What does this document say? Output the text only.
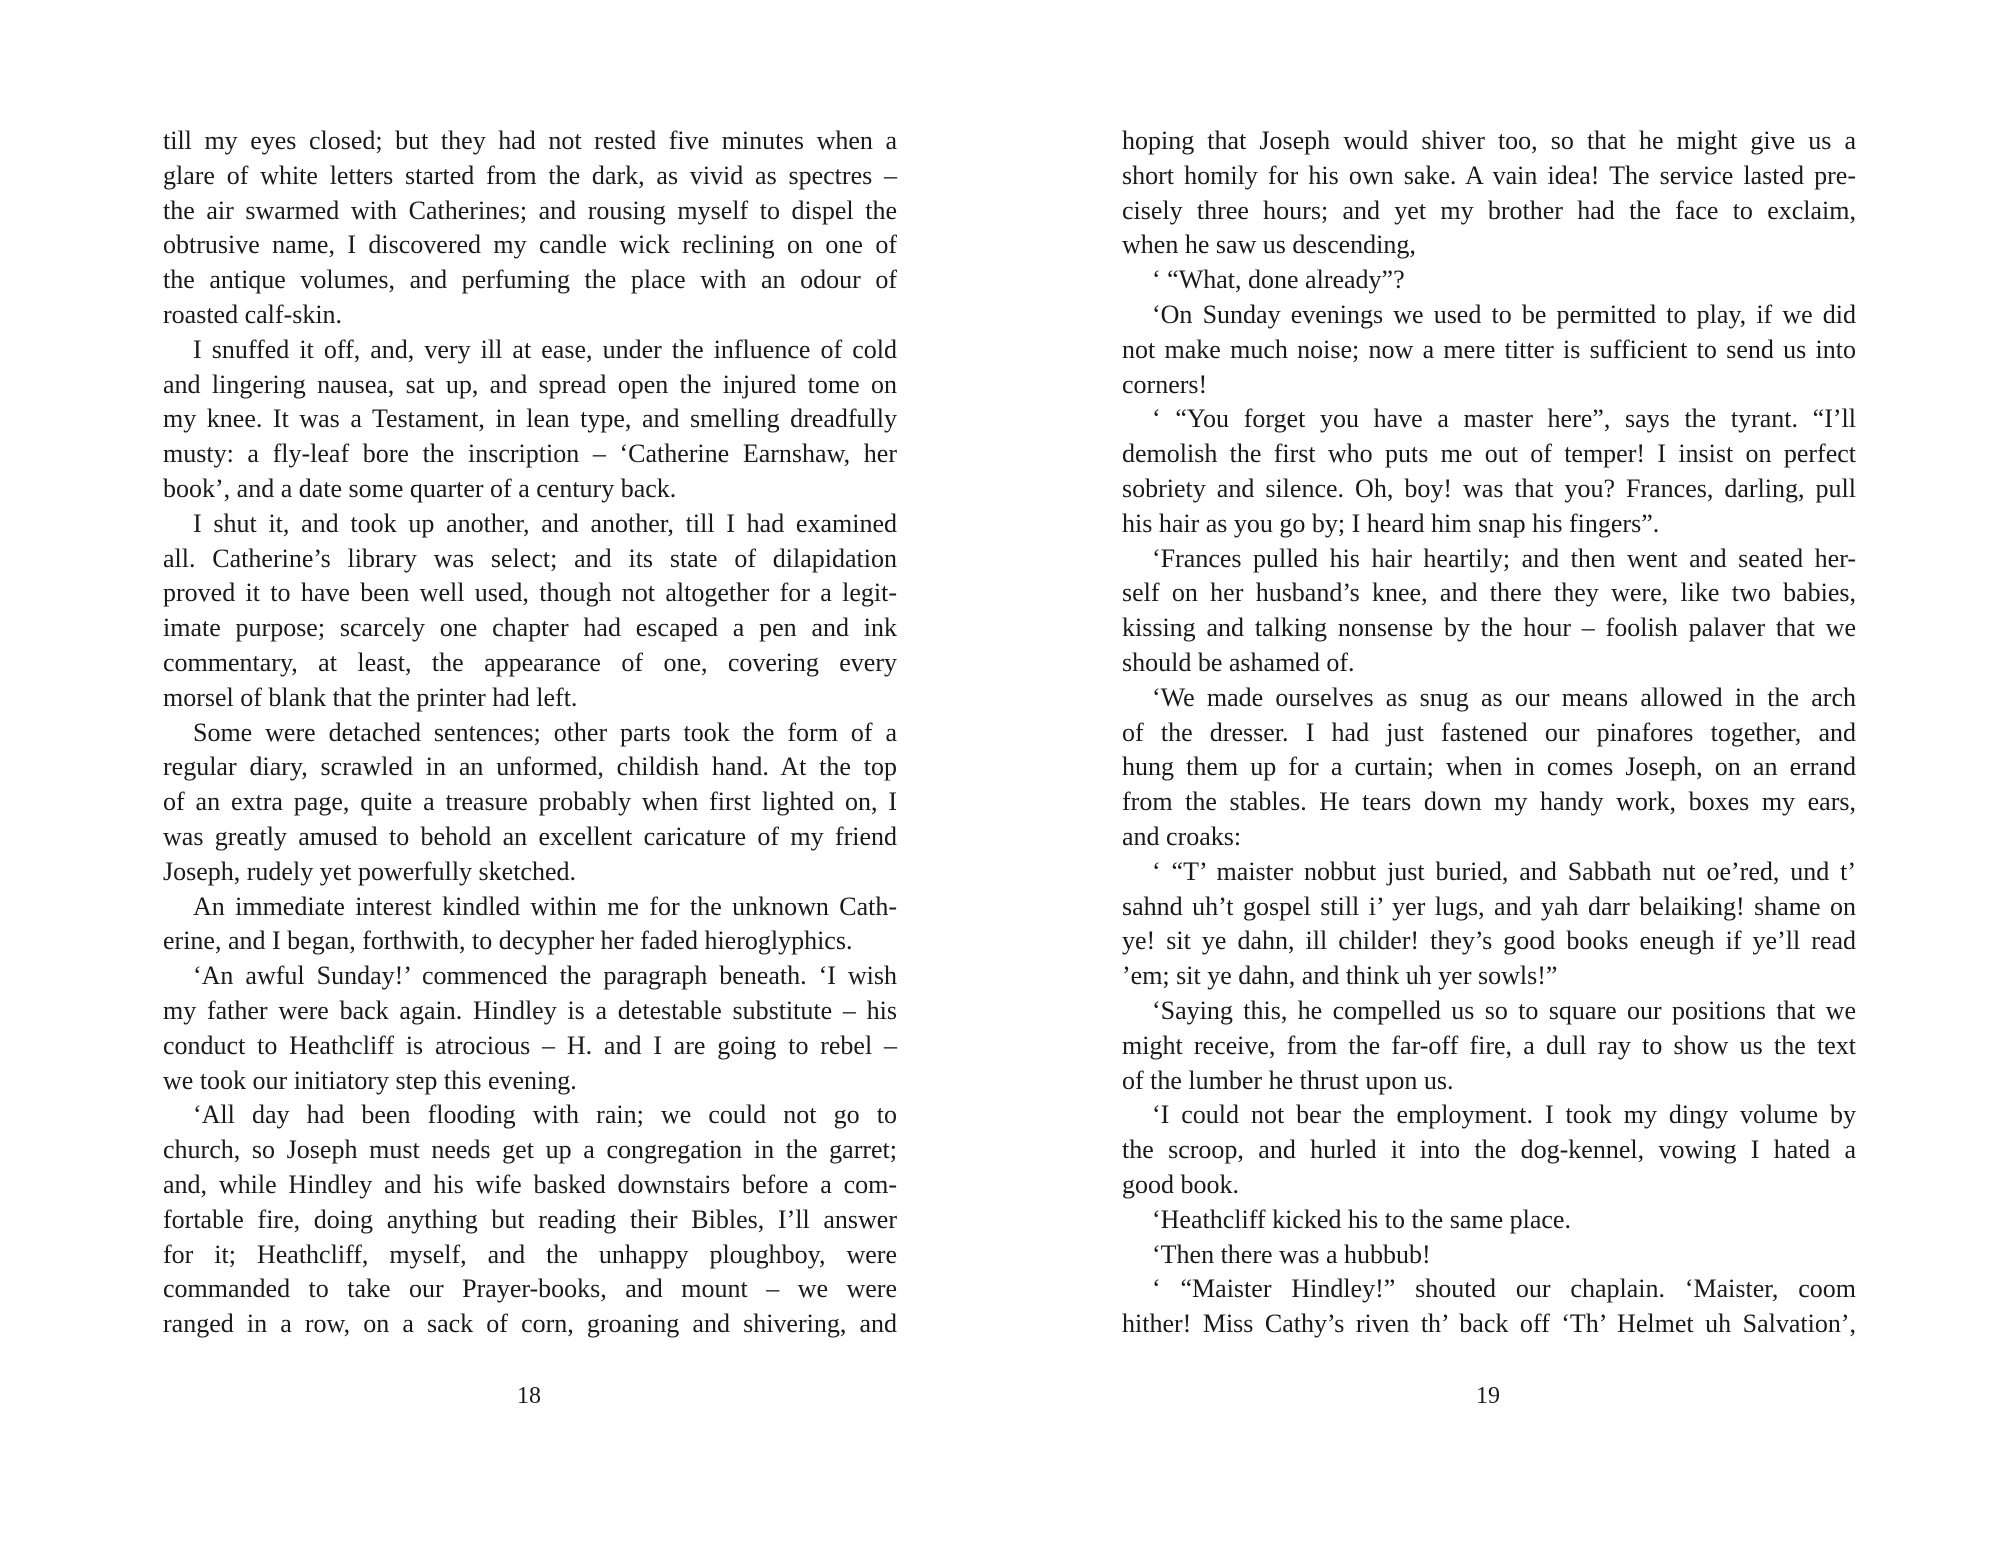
till my eyes closed; but they had not rested five minutes when a
glare of white letters started from the dark, as vivid as spectres –
the air swarmed with Catherines; and rousing myself to dispel the
obtrusive name, I discovered my candle wick reclining on one of
the antique volumes, and perfuming the place with an odour of
roasted calf-skin.
I snuffed it off, and, very ill at ease, under the influence of cold
and lingering nausea, sat up, and spread open the injured tome on
my knee. It was a Testament, in lean type, and smelling dreadfully
musty: a fly-leaf bore the inscription – ‘Catherine Earnshaw, her
book’, and a date some quarter of a century back.
I shut it, and took up another, and another, till I had examined
all. Catherine’s library was select; and its state of dilapidation
proved it to have been well used, though not altogether for a legit-
imate purpose; scarcely one chapter had escaped a pen and ink
commentary, at least, the appearance of one, covering every
morsel of blank that the printer had left.
Some were detached sentences; other parts took the form of a
regular diary, scrawled in an unformed, childish hand. At the top
of an extra page, quite a treasure probably when first lighted on, I
was greatly amused to behold an excellent caricature of my friend
Joseph, rudely yet powerfully sketched.
An immediate interest kindled within me for the unknown Cath-
erine, and I began, forthwith, to decypher her faded hieroglyphics.
‘An awful Sunday!’ commenced the paragraph beneath. ‘I wish
my father were back again. Hindley is a detestable substitute – his
conduct to Heathcliff is atrocious – H. and I are going to rebel –
we took our initiatory step this evening.
‘All day had been flooding with rain; we could not go to
church, so Joseph must needs get up a congregation in the garret;
and, while Hindley and his wife basked downstairs before a com-
fortable fire, doing anything but reading their Bibles, I’ll answer
for it; Heathcliff, myself, and the unhappy ploughboy, were
commanded to take our Prayer-books, and mount – we were
ranged in a row, on a sack of corn, groaning and shivering, and
18
hoping that Joseph would shiver too, so that he might give us a
short homily for his own sake. A vain idea! The service lasted pre-
cisely three hours; and yet my brother had the face to exclaim,
when he saw us descending,
‘ “What, done already”?
‘On Sunday evenings we used to be permitted to play, if we did
not make much noise; now a mere titter is sufficient to send us into
corners!
‘ “You forget you have a master here”, says the tyrant. “I’ll
demolish the first who puts me out of temper! I insist on perfect
sobriety and silence. Oh, boy! was that you? Frances, darling, pull
his hair as you go by; I heard him snap his fingers”.
‘Frances pulled his hair heartily; and then went and seated her-
self on her husband’s knee, and there they were, like two babies,
kissing and talking nonsense by the hour – foolish palaver that we
should be ashamed of.
‘We made ourselves as snug as our means allowed in the arch
of the dresser. I had just fastened our pinafores together, and
hung them up for a curtain; when in comes Joseph, on an errand
from the stables. He tears down my handy work, boxes my ears,
and croaks:
‘ “T’ maister nobbut just buried, and Sabbath nut oe’red, und t’
sahnd uh’t gospel still i’ yer lugs, and yah darr belaiking! shame on
ye! sit ye dahn, ill childer! they’s good books eneugh if ye’ll read
’em; sit ye dahn, and think uh yer sowls!”
‘Saying this, he compelled us so to square our positions that we
might receive, from the far-off fire, a dull ray to show us the text
of the lumber he thrust upon us.
‘I could not bear the employment. I took my dingy volume by
the scroop, and hurled it into the dog-kennel, vowing I hated a
good book.
‘Heathcliff kicked his to the same place.
‘Then there was a hubbub!
‘ “Maister Hindley!” shouted our chaplain. ‘Maister, coom
hither! Miss Cathy’s riven th’ back off ‘Th’ Helmet uh Salvation’,
19
